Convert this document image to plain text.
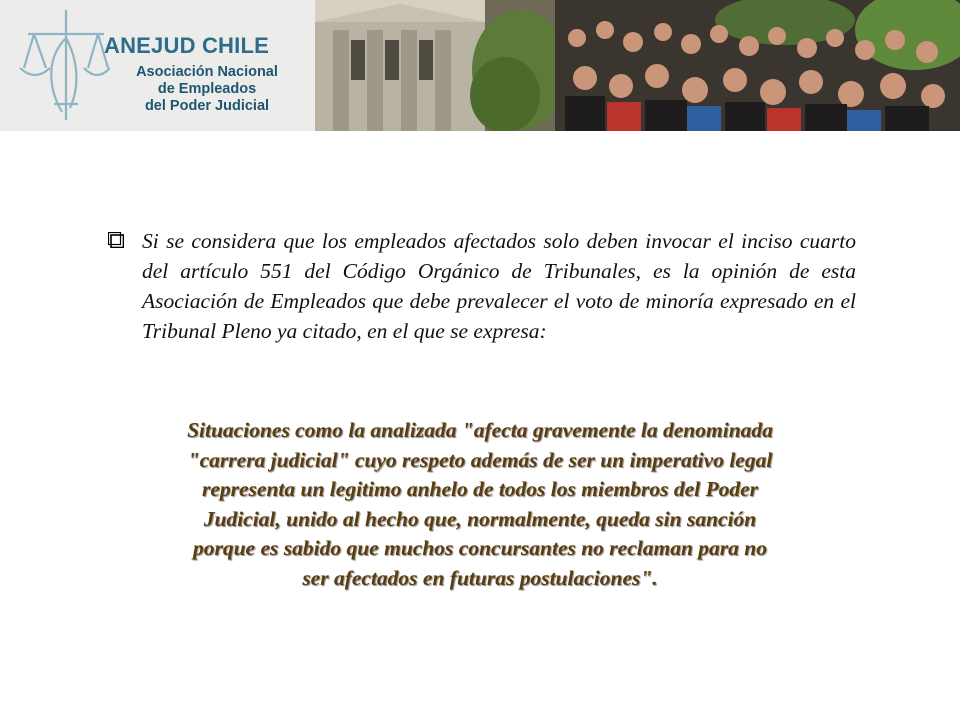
ANEJUD CHILE
Asociación Nacional
de Empleados
del Poder Judicial
Si se considera que los empleados afectados solo deben invocar el inciso cuarto del artículo 551 del Código Orgánico de Tribunales, es la opinión de esta Asociación de Empleados que debe prevalecer el voto de minoría expresado en el Tribunal Pleno ya citado, en el que se expresa:
Situaciones como la analizada "afecta gravemente la denominada
"carrera judicial" cuyo respeto además de ser un imperativo legal
representa un legitimo anhelo de todos los miembros del Poder
Judicial, unido al hecho que, normalmente, queda sin sanción
porque es sabido que muchos concursantes no reclaman para no
ser afectados en futuras postulaciones".
